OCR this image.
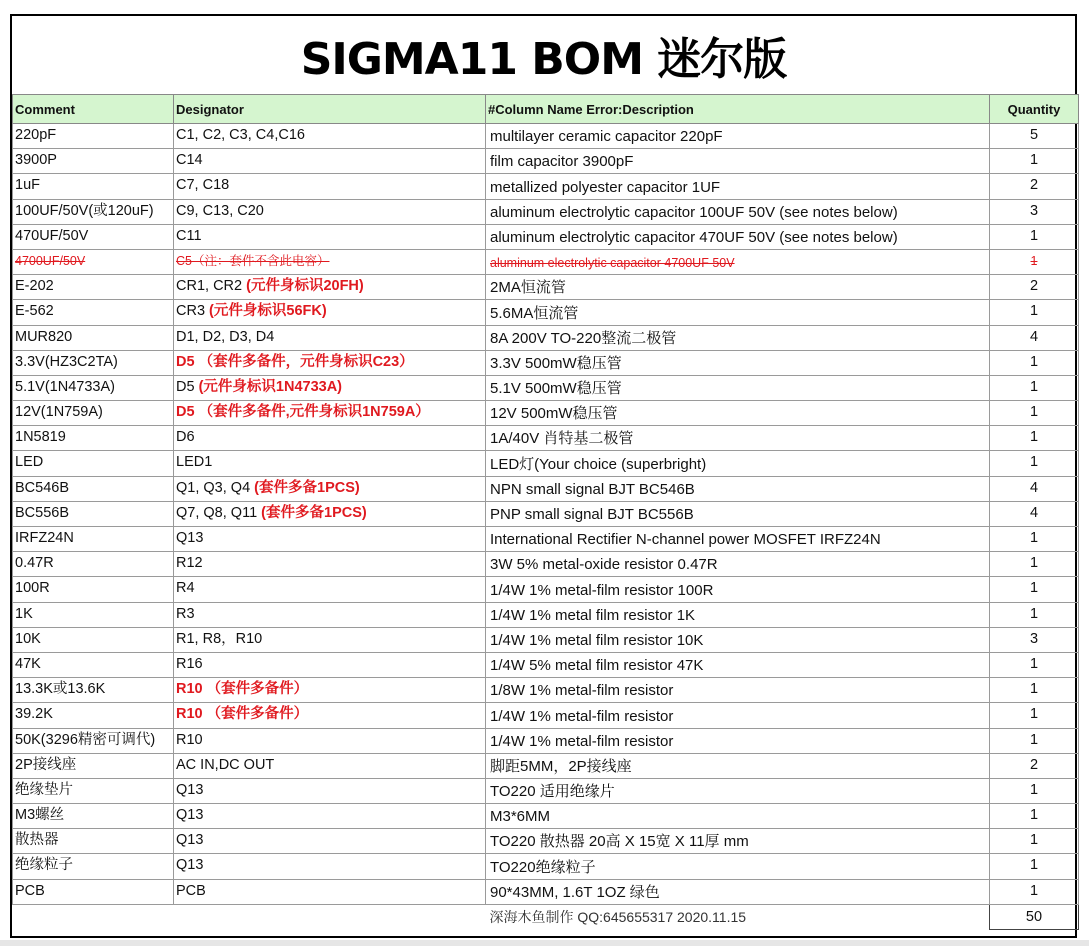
SIGMA11 BOM 迷尔版
Comment	Designator	#Column Name Error:Description	Quantity
220pF	C1, C2, C3, C4,C16	multilayer ceramic capacitor 220pF	5
3900P	C14	film capacitor 3900pF	1
1uF	C7, C18	metallized polyester capacitor 1UF	2
100UF/50V(或120uF)	C9, C13, C20	aluminum electrolytic capacitor 100UF 50V (see notes below)	3
470UF/50V	C11	aluminum electrolytic capacitor 470UF 50V (see notes below)	1
4700UF/50V	C5（注：套件不含此电容）	aluminum electrolytic capacitor 4700UF 50V	1
E-202	CR1, CR2 (元件身标识20FH)	2MA恒流管	2
E-562	CR3 (元件身标识56FK)	5.6MA恒流管	1
MUR820	D1, D2, D3, D4	8A 200V TO-220整流二极管	4
3.3V(HZ3C2TA)	D5 （套件多备件，元件身标识C23）	3.3V 500mW稳压管	1
5.1V(1N4733A)	D5 (元件身标识1N4733A)	5.1V 500mW稳压管	1
12V(1N759A)	D5 （套件多备件,元件身标识1N759A）	12V 500mW稳压管	1
1N5819	D6	1A/40V 肖特基二极管	1
LED	LED1	LED灯(Your choice (superbright)	1
BC546B	Q1, Q3, Q4 (套件多备1PCS)	NPN small signal BJT BC546B	4
BC556B	Q7, Q8, Q11 (套件多备1PCS)	PNP small signal BJT BC556B	4
IRFZ24N	Q13	International Rectifier N-channel power MOSFET IRFZ24N	1
0.47R	R12	3W 5% metal-oxide resistor 0.47R	1
100R	R4	1/4W 1% metal-film resistor 100R	1
1K	R3	1/4W 1% metal film resistor 1K	1
10K	R1, R8，R10	1/4W 1% metal film resistor 10K	3
47K	R16	1/4W 5% metal film resistor 47K	1
13.3K或13.6K	R10 （套件多备件）	1/8W 1% metal-film resistor	1
39.2K	R10 （套件多备件）	1/4W 1% metal-film resistor	1
50K(3296精密可调代)	R10	1/4W 1% metal-film resistor	1
2P接线座	AC IN,DC OUT	脚距5MM，2P接线座	2
绝缘垫片	Q13	TO220 适用绝缘片	1
M3螺丝	Q13	M3*6MM	1
散热器	Q13	TO220 散热器 20高 X 15宽 X 11厚 mm	1
绝缘粒子	Q13	TO220绝缘粒子	1
PCB	PCB	90*43MM, 1.6T 1OZ 绿色	1
		深海木鱼制作 QQ:645655317 2020.11.15	50
